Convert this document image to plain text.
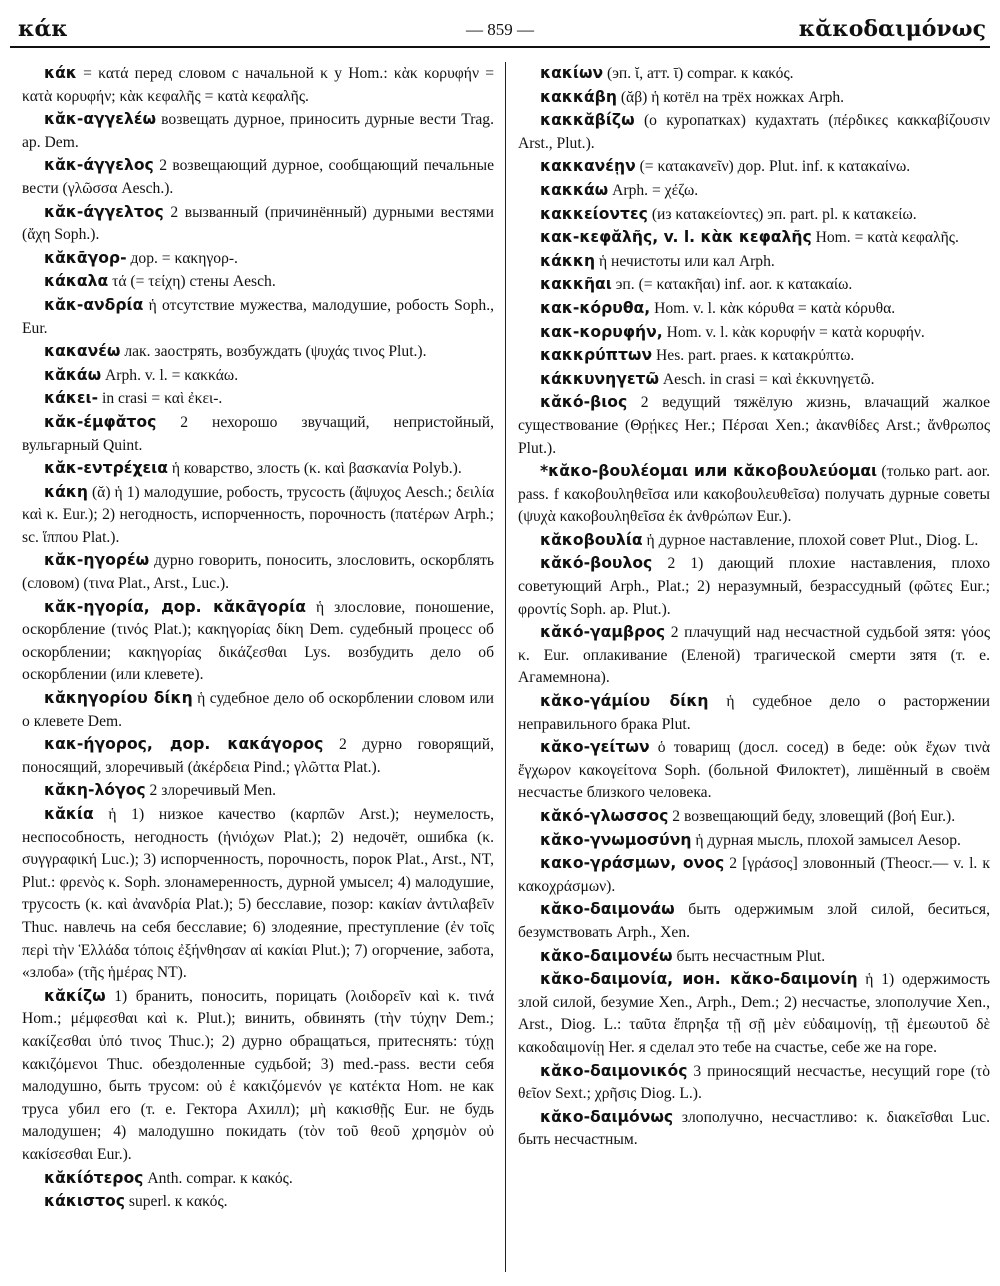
κάκ	— 859 —	κᾰκοδαιμόνως

κάκ = κατά перед словом с начальной κ у Hom.: κὰκ κορυφήν = κατὰ κορυφήν; κὰκ κεφαλῆς = κατὰ κεφαλῆς.

κᾰκ-αγγελέω возвещать дурное, приносить дурные вести Trag. ap. Dem.

κᾰκ-άγγελος 2 возвещающий дурное, сообщающий печальные вести (γλῶσσα Aesch.).

κᾰκ-άγγελτος 2 вызванный (причинённый) дурными вестями (ἄχη Soph.).

κᾰκᾱγορ- дор. = κακηγορ-.

κάκαλα τά (= τείχη) стены Aesch.

κᾰκ-ανδρία ἡ отсутствие мужества, малодушие, робость Soph., Eur.

κακανέω лак. заострять, возбуждать (ψυχάς τινος Plut.).

κᾰκάω Arph. v. l. = κακκάω.

κάκει- in crasi = καὶ ἐκει-.

κᾰκ-έμφᾰτος 2 нехорошо звучащий, непристойный, вульгарный Quint.

κᾰκ-εντρέχεια ἡ коварство, злость (κ. καὶ βασκανία Polyb.).

κάκη (ᾰ) ἡ 1) малодушие, робость, трусость (ἄψυχος Aesch.; δειλία καὶ κ. Eur.); 2) негодность, испорченность, порочность (πατέρων Arph.; sc. ἵππου Plat.).

κᾰκ-ηγορέω дурно говорить, поносить, злословить, оскорблять (словом) (τινα Plat., Arst., Luc.).

κᾰκ-ηγορία, дор. κᾰκᾱγορία ἡ злословие, поношение, оскорбление (τινός Plat.); κακηγορίας δίκη Dem. судебный процесс об оскорблении; κακηγορίας δικάζεσθαι Lys. возбудить дело об оскорблении (или клевете).

κᾰκηγορίου δίκη ἡ судебное дело об оскорблении словом или о клевете Dem.

κακ-ήγορος, дор. κακάγορος 2 дурно говорящий, поносящий, злоречивый (ἀκέρδεια Pind.; γλῶττα Plat.).

κᾰκη-λόγος 2 злоречивый Men.

κᾰκία ἡ 1) низкое качество (καρπῶν Arst.); неумелость, неспособность, негодность (ἡνιόχων Plat.); 2) недочёт, ошибка (κ. συγγραφική Luc.); 3) испорченность, порочность, порок Plat., Arst., NT, Plut.: φρενὸς κ. Soph. злонамеренность, дурной умысел; 4) малодушие, трусость (κ. καὶ ἀνανδρία Plat.); 5) бесславие, позор: κακίαν ἀντιλαβεῖν Thuc. навлечь на себя бесславие; 6) злодеяние, преступление (ἐν τοῖς περὶ τὴν Ἑλλάδα τόποις ἐξήνθησαν αἱ κακίαι Plut.); 7) огорчение, забота, «злоба» (τῆς ἡμέρας NT).

κᾰκίζω 1) бранить, поносить, порицать (λοιδορεῖν καὶ κ. τινά Hom.; μέμφεσθαι καὶ κ. Plut.); винить, обвинять (τὴν τύχην Dem.; κακίζεσθαι ὑπό τινος Thuc.); 2) дурно обращаться, притеснять: τύχῃ κακιζόμενοι Thuc. обездоленные судьбой; 3) med.-pass. вести себя малодушно, быть трусом: οὐ ἑ κακιζόμενόν γε κατέκτα Hom. не как труса убил его (т. е. Гектора Ахилл); μὴ κακισθῇς Eur. не будь малодушен; 4) малодушно покидать (τὸν τοῦ θεοῦ χρησμὸν οὐ κακίσεσθαι Eur.).

κᾰκίότερος Anth. compar. к κακός.

κάκιστος superl. к κακός.

κακίων (эп. ῐ, атт. ῑ) compar. к κακός.

κακκάβη (ᾰβ) ἡ котёл на трёх ножках Arph.

κακκᾰβίζω (о куропатках) кудахтать (πέρδικες κακκαβίζουσιν Arst., Plut.).

κακκανέῃν (= κατακανεῖν) дор. Plut. inf. к κατακαίνω.

κακκάω Arph. = χέζω.

κακκείοντες (из κατακείοντες) эп. part. pl. к κατακείω.

κακ-κεφᾰλῆς, v. l. κὰκ κεφαλῆς Hom. = κατὰ κεφαλῆς.

κάκκη ἡ нечистоты или кал Arph.

κακκῆαι эп. (= κατακῆαι) inf. aor. к κατακαίω.

κακ-κόρυθα, Hom. v. l. κὰκ κόρυθα = κατὰ κόρυθα.

κακ-κορυφήν, Hom. v. l. κὰκ κορυφήν = κατὰ κορυφήν.

κακκρύπτων Hes. part. praes. к κατακρύπτω.

κάκκυνηγετῶ Aesch. in crasi = καὶ ἐκκυνηγετῶ.

κᾰκό-βιος 2 ведущий тяжёлую жизнь, влачащий жалкое существование (Θρῄκες Her.; Πέρσαι Xen.; ἀκανθίδες Arst.; ἄνθρωπος Plut.).

*κᾰκο-βουλέομαι или κᾰκοβουλεύομαι (только part. aor. pass. f κακοβουληθεῖσα или κακοβουλευθεῖσα) получать дурные советы (ψυχὰ κακοβουληθεῖσα ἐκ ἀνθρώπων Eur.).

κᾰκοβουλία ἡ дурное наставление, плохой совет Plut., Diog. L.

κᾰκό-βουλος 2 1) дающий плохие наставления, плохо советующий Arph., Plat.; 2) неразумный, безрассудный (φῶτες Eur.; φροντίς Soph. ap. Plut.).

κᾰκό-γαμβρος 2 плачущий над несчастной судьбой зятя: γόος κ. Eur. оплакивание (Еленой) трагической смерти зятя (т. е. Агамемнона).

κᾰκο-γάμίου δίκη ἡ судебное дело о расторжении неправильного брака Plut.

κᾰκο-γείτων ὁ товарищ (досл. сосед) в беде: οὐκ ἔχων τινὰ ἔγχωρον κακογείτονα Soph. (больной Филоктет), лишённый в своём несчастье близкого человека.

κᾰκό-γλωσσος 2 возвещающий беду, зловещий (βοή Eur.).

κᾰκο-γνωμοσύνη ἡ дурная мысль, плохой замысел Aesop.

κακο-γράσμων, ονος 2 [γράσος] зловонный (Theocr.— v. l. к κακοχράσμων).

κᾰκο-δαιμονάω быть одержимым злой силой, беситься, безумствовать Arph., Xen.

κᾰκο-δαιμονέω быть несчастным Plut.

κᾰκο-δαιμονία, ион. κᾰκο-δαιμονίη ἡ 1) одержимость злой силой, безумие Xen., Arph., Dem.; 2) несчастье, злополучие Xen., Arst., Diog. L.: ταῦτα ἔπρηξα τῇ σῇ μὲν εὐδαιμονίῃ, τῇ ἐμεωυτοῦ δὲ κακοδαιμονίῃ Her. я сделал это тебе на счастье, себе же на горе.

κᾰκο-δαιμονικός 3 приносящий несчастье, несущий горе (τὸ θεῖον Sext.; χρῆσις Diog. L.).

κᾰκο-δαιμόνως злополучно, несчастливо: κ. διακεῖσθαι Luc. быть несчастным.
